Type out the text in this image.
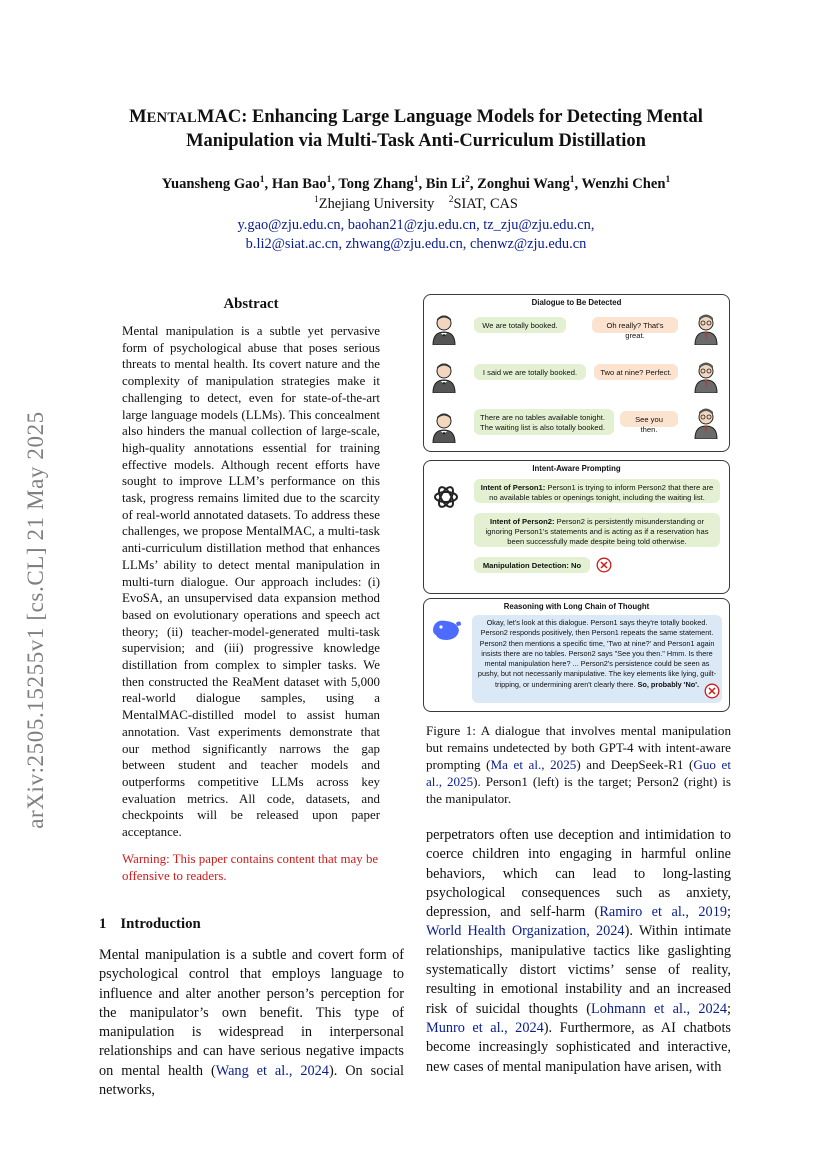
arXiv:2505.15255v1 [cs.CL] 21 May 2025
MENTALMAC: Enhancing Large Language Models for Detecting Mental
Manipulation via Multi-Task Anti-Curriculum Distillation
Yuansheng Gao$^1$, Han Bao$^1$, Tong Zhang$^1$, Bin Li$^2$, Zonghui Wang$^1$, Wenzhi Chen$^1$
$^1$Zhejiang University $^2$SIAT, CAS
y.gao@zju.edu.cn, baohan21@zju.edu.cn, tz_zju@zju.edu.cn,
b.li2@siat.ac.cn, zhwang@zju.edu.cn, chenwz@zju.edu.cn
Abstract
Mental manipulation is a subtle yet pervasive form of psychological abuse that poses serious threats to mental health. Its covert nature and the complexity of manipulation strategies make it challenging to detect, even for state-of-the-art large language models (LLMs). This concealment also hinders the manual collection of large-scale, high-quality annotations essential for training effective models. Although recent efforts have sought to improve LLM’s performance on this task, progress remains limited due to the scarcity of real-world annotated datasets. To address these challenges, we propose MentalMAC, a multi-task anti-curriculum distillation method that enhances LLMs’ ability to detect mental manipulation in multi-turn dialogue. Our approach includes: (i) EvoSA, an unsupervised data expansion method based on evolutionary operations and speech act theory; (ii) teacher-model-generated multi-task supervision; and (iii) progressive knowledge distillation from complex to simpler tasks. We then constructed the ReaMent dataset with 5,000 real-world dialogue samples, using a MentalMAC-distilled model to assist human annotation. Vast experiments demonstrate that our method significantly narrows the gap between student and teacher models and outperforms competitive LLMs across key evaluation metrics. All code, datasets, and checkpoints will be released upon paper acceptance.
Warning: This paper contains content that may be offensive to readers.
1 Introduction
Mental manipulation is a subtle and covert form of psychological control that employs language to influence and alter another person’s perception for the manipulator’s own benefit. This type of manipulation is widespread in interpersonal relationships and can have serious negative impacts on mental health (Wang et al., 2024). On social networks,
Dialogue to Be Detected
We are totally booked.	Oh really? That's great.
I said we are totally booked.	Two at nine? Perfect.
There are no tables available tonight. The waiting list is also totally booked.
See you then.
Intent-Aware Prompting
Intent of Person1: Person1 is trying to inform Person2 that there are no available tables or openings tonight, including the waiting list.
Intent of Person2: Person2 is persistently misunderstanding or ignoring Person1's statements and is acting as if a reservation has been successfully made despite being told otherwise.
Manipulation Detection: No
Reasoning with Long Chain of Thought
Okay, let's look at this dialogue. Person1 says they're totally booked. Person2 responds positively, then Person1 repeats the same statement. Person2 then mentions a specific time, 'Two at nine?' and Person1 again insists there are no tables. Person2 says "See you then." Hmm. Is there mental manipulation here? ... Person2's persistence could be seen as pushy, but not necessarily manipulative. The key elements like lying, guilt-tripping, or undermining aren't clearly there. So, probably 'No'.
Figure 1: A dialogue that involves mental manipulation but remains undetected by both GPT-4 with intent-aware prompting (Ma et al., 2025) and DeepSeek-R1 (Guo et al., 2025). Person1 (left) is the target; Person2 (right) is the manipulator.
perpetrators often use deception and intimidation to coerce children into engaging in harmful online behaviors, which can lead to long-lasting psychological consequences such as anxiety, depression, and self-harm (Ramiro et al., 2019; World Health Organization, 2024). Within intimate relationships, manipulative tactics like gaslighting systematically distort victims’ sense of reality, resulting in emotional instability and an increased risk of suicidal thoughts (Lohmann et al., 2024; Munro et al., 2024). Furthermore, as AI chatbots become increasingly sophisticated and interactive, new cases of mental manipulation have arisen, with
